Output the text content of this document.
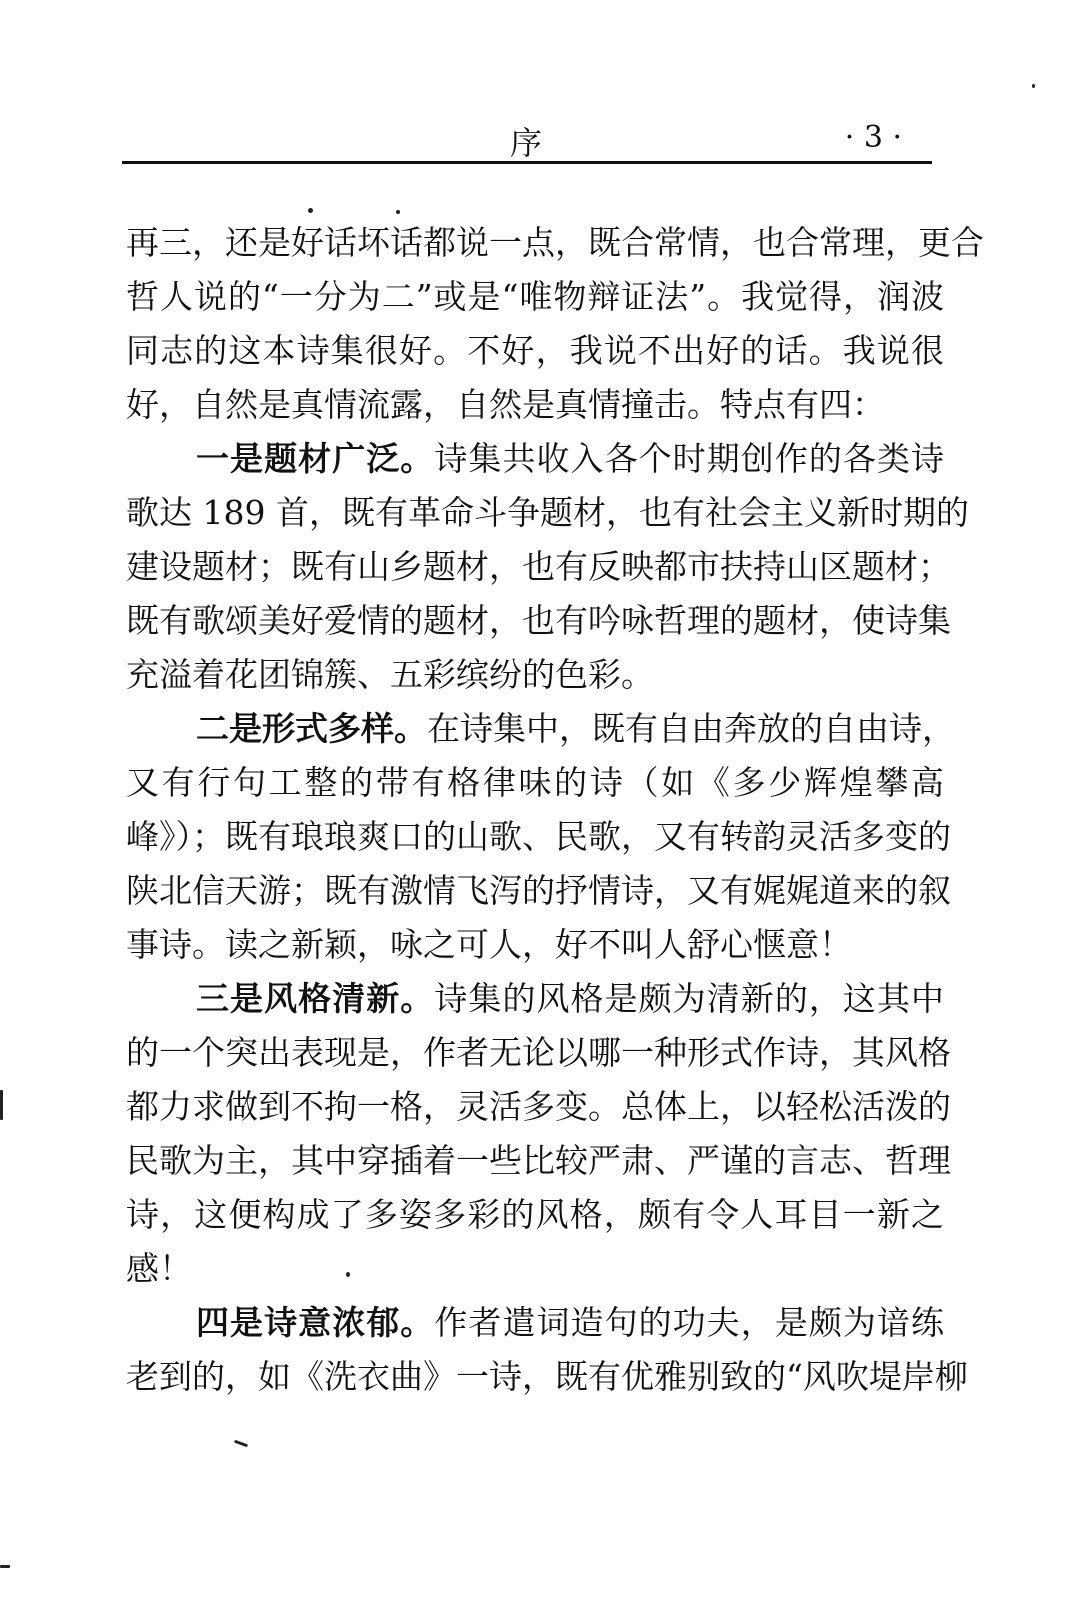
序	· 3 ·
再三，还是好话坏话都说一点，既合常情，也合常理，更合
哲人说的“一分为二”或是“唯物辩证法”。我觉得，润波
同志的这本诗集很好。不好，我说不出好的话。我说很
好，自然是真情流露，自然是真情撞击。特点有四：
一是题材广泛。诗集共收入各个时期创作的各类诗
歌达 189 首，既有革命斗争题材，也有社会主义新时期的
建设题材；既有山乡题材，也有反映都市扶持山区题材；
既有歌颂美好爱情的题材，也有吟咏哲理的题材，使诗集
充溢着花团锦簇、五彩缤纷的色彩。
二是形式多样。在诗集中，既有自由奔放的自由诗，
又有行句工整的带有格律味的诗（如《多少辉煌攀高
峰》）；既有琅琅爽口的山歌、民歌，又有转韵灵活多变的
陕北信天游；既有激情飞泻的抒情诗，又有娓娓道来的叙
事诗。读之新颖，咏之可人，好不叫人舒心惬意！
三是风格清新。诗集的风格是颇为清新的，这其中
的一个突出表现是，作者无论以哪一种形式作诗，其风格
都力求做到不拘一格，灵活多变。总体上，以轻松活泼的
民歌为主，其中穿插着一些比较严肃、严谨的言志、哲理
诗，这便构成了多姿多彩的风格，颇有令人耳目一新之
感！
四是诗意浓郁。作者遣词造句的功夫，是颇为谙练
老到的，如《洗衣曲》一诗，既有优雅别致的“风吹堤岸柳
